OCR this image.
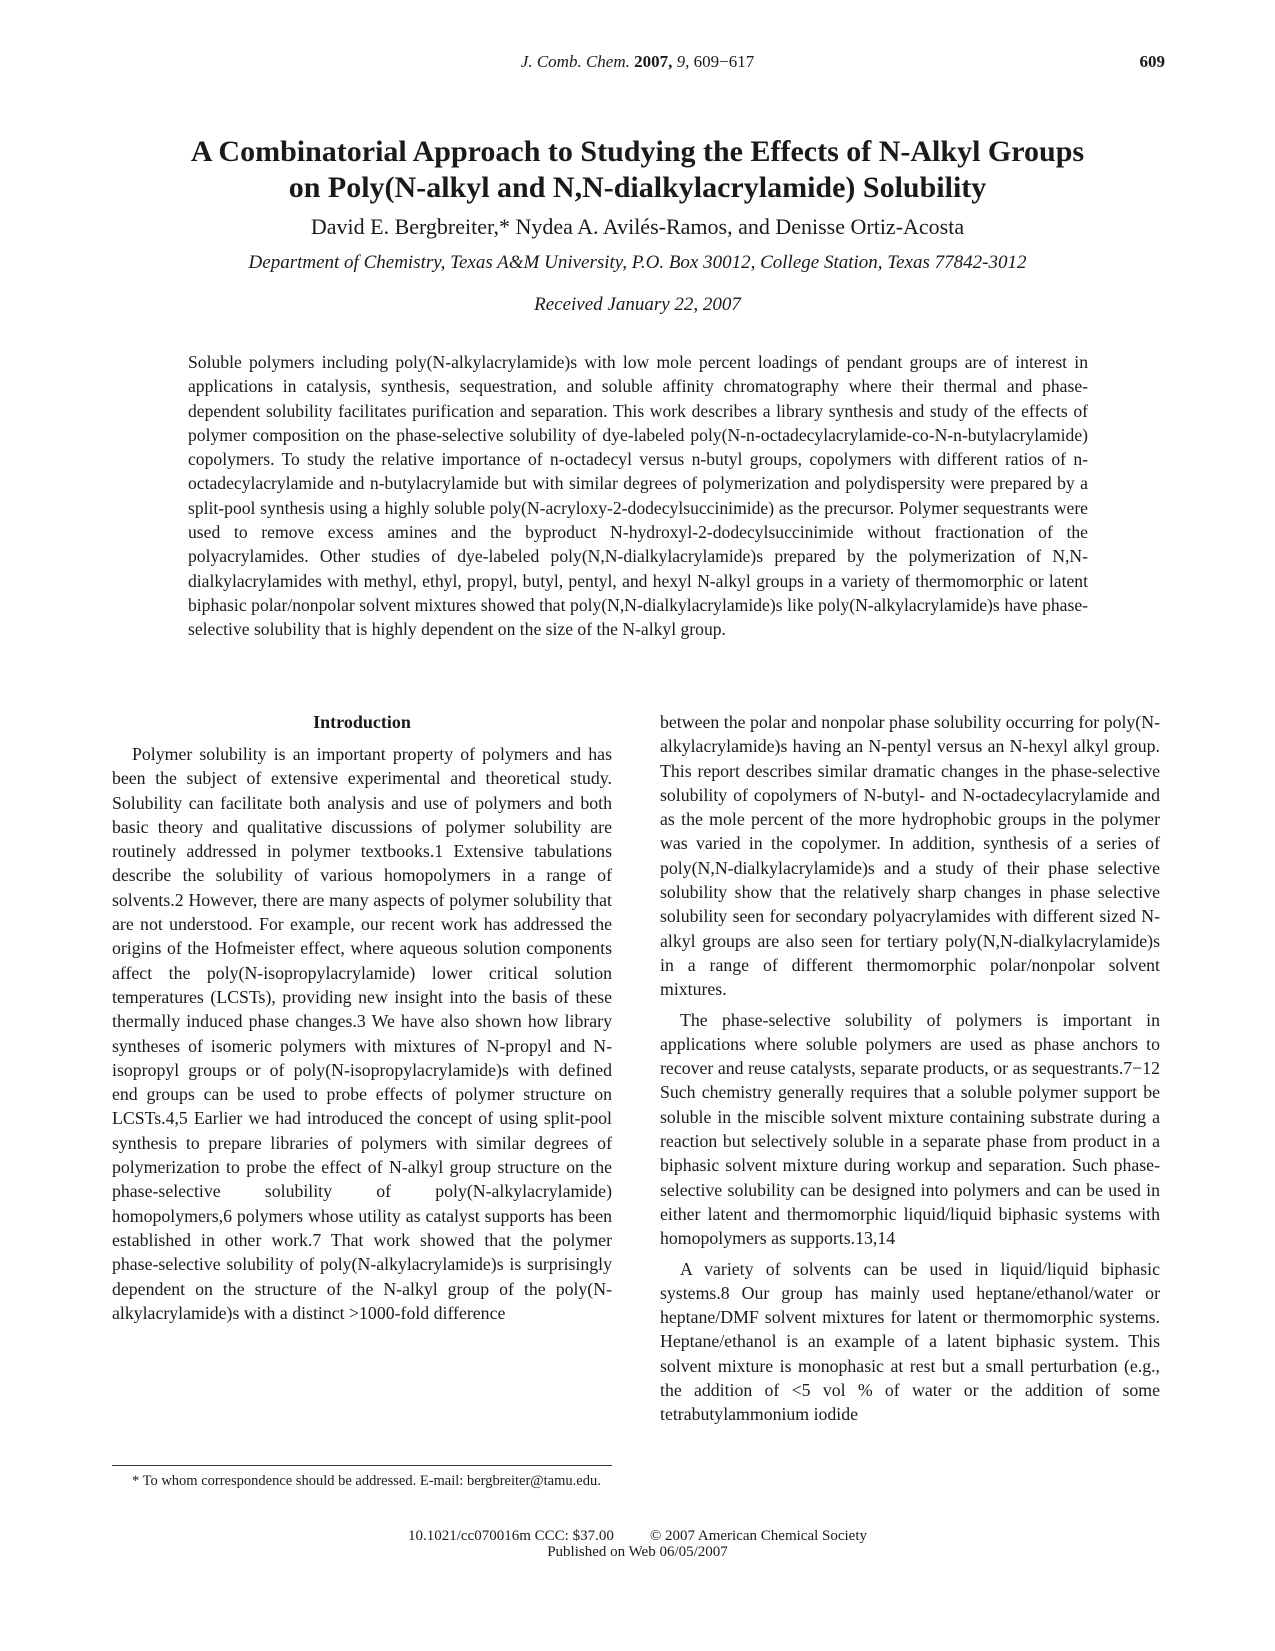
J. Comb. Chem. 2007, 9, 609−617	609
A Combinatorial Approach to Studying the Effects of N-Alkyl Groups
on Poly(N-alkyl and N,N-dialkylacrylamide) Solubility
David E. Bergbreiter,* Nydea A. Avilés-Ramos, and Denisse Ortiz-Acosta
Department of Chemistry, Texas A&M University, P.O. Box 30012, College Station, Texas 77842-3012
Received January 22, 2007

Soluble polymers including poly(N-alkylacrylamide)s with low mole percent loadings of pendant groups are of interest in applications in catalysis, synthesis, sequestration, and soluble affinity chromatography where their thermal and phase-dependent solubility facilitates purification and separation. This work describes a library synthesis and study of the effects of polymer composition on the phase-selective solubility of dye-labeled poly(N-n-octadecylacrylamide-co-N-n-butylacrylamide) copolymers. To study the relative importance of n-octadecyl versus n-butyl groups, copolymers with different ratios of n-octadecylacrylamide and n-butylacrylamide but with similar degrees of polymerization and polydispersity were prepared by a split-pool synthesis using a highly soluble poly(N-acryloxy-2-dodecylsuccinimide) as the precursor. Polymer sequestrants were used to remove excess amines and the byproduct N-hydroxyl-2-dodecylsuccinimide without fractionation of the polyacrylamides. Other studies of dye-labeled poly(N,N-dialkylacrylamide)s prepared by the polymerization of N,N-dialkylacrylamides with methyl, ethyl, propyl, butyl, pentyl, and hexyl N-alkyl groups in a variety of thermomorphic or latent biphasic polar/nonpolar solvent mixtures showed that poly(N,N-dialkylacrylamide)s like poly(N-alkylacrylamide)s have phase-selective solubility that is highly dependent on the size of the N-alkyl group.

Introduction

Polymer solubility is an important property of polymers and has been the subject of extensive experimental and theoretical study. Solubility can facilitate both analysis and use of polymers and both basic theory and qualitative discussions of polymer solubility are routinely addressed in polymer textbooks.1 Extensive tabulations describe the solubility of various homopolymers in a range of solvents.2 However, there are many aspects of polymer solubility that are not understood. For example, our recent work has addressed the origins of the Hofmeister effect, where aqueous solution components affect the poly(N-isopropylacrylamide) lower critical solution temperatures (LCSTs), providing new insight into the basis of these thermally induced phase changes.3 We have also shown how library syntheses of isomeric polymers with mixtures of N-propyl and N-isopropyl groups or of poly(N-isopropylacrylamide)s with defined end groups can be used to probe effects of polymer structure on LCSTs.4,5 Earlier we had introduced the concept of using split-pool synthesis to prepare libraries of polymers with similar degrees of polymerization to probe the effect of N-alkyl group structure on the phase-selective solubility of poly(N-alkylacrylamide) homopolymers,6 polymers whose utility as catalyst supports has been established in other work.7 That work showed that the polymer phase-selective solubility of poly(N-alkylacrylamide)s is surprisingly dependent on the structure of the N-alkyl group of the poly(N-alkylacrylamide)s with a distinct >1000-fold difference

between the polar and nonpolar phase solubility occurring for poly(N-alkylacrylamide)s having an N-pentyl versus an N-hexyl alkyl group. This report describes similar dramatic changes in the phase-selective solubility of copolymers of N-butyl- and N-octadecylacrylamide and as the mole percent of the more hydrophobic groups in the polymer was varied in the copolymer. In addition, synthesis of a series of poly(N,N-dialkylacrylamide)s and a study of their phase selective solubility show that the relatively sharp changes in phase selective solubility seen for secondary polyacrylamides with different sized N-alkyl groups are also seen for tertiary poly(N,N-dialkylacrylamide)s in a range of different thermomorphic polar/nonpolar solvent mixtures.

The phase-selective solubility of polymers is important in applications where soluble polymers are used as phase anchors to recover and reuse catalysts, separate products, or as sequestrants.7−12 Such chemistry generally requires that a soluble polymer support be soluble in the miscible solvent mixture containing substrate during a reaction but selectively soluble in a separate phase from product in a biphasic solvent mixture during workup and separation. Such phase-selective solubility can be designed into polymers and can be used in either latent and thermomorphic liquid/liquid biphasic systems with homopolymers as supports.13,14

A variety of solvents can be used in liquid/liquid biphasic systems.8 Our group has mainly used heptane/ethanol/water or heptane/DMF solvent mixtures for latent or thermomorphic systems. Heptane/ethanol is an example of a latent biphasic system. This solvent mixture is monophasic at rest but a small perturbation (e.g., the addition of <5 vol % of water or the addition of some tetrabutylammonium iodide

* To whom correspondence should be addressed. E-mail: bergbreiter@tamu.edu.
10.1021/cc070016m CCC: $37.00 © 2007 American Chemical Society
Published on Web 06/05/2007
